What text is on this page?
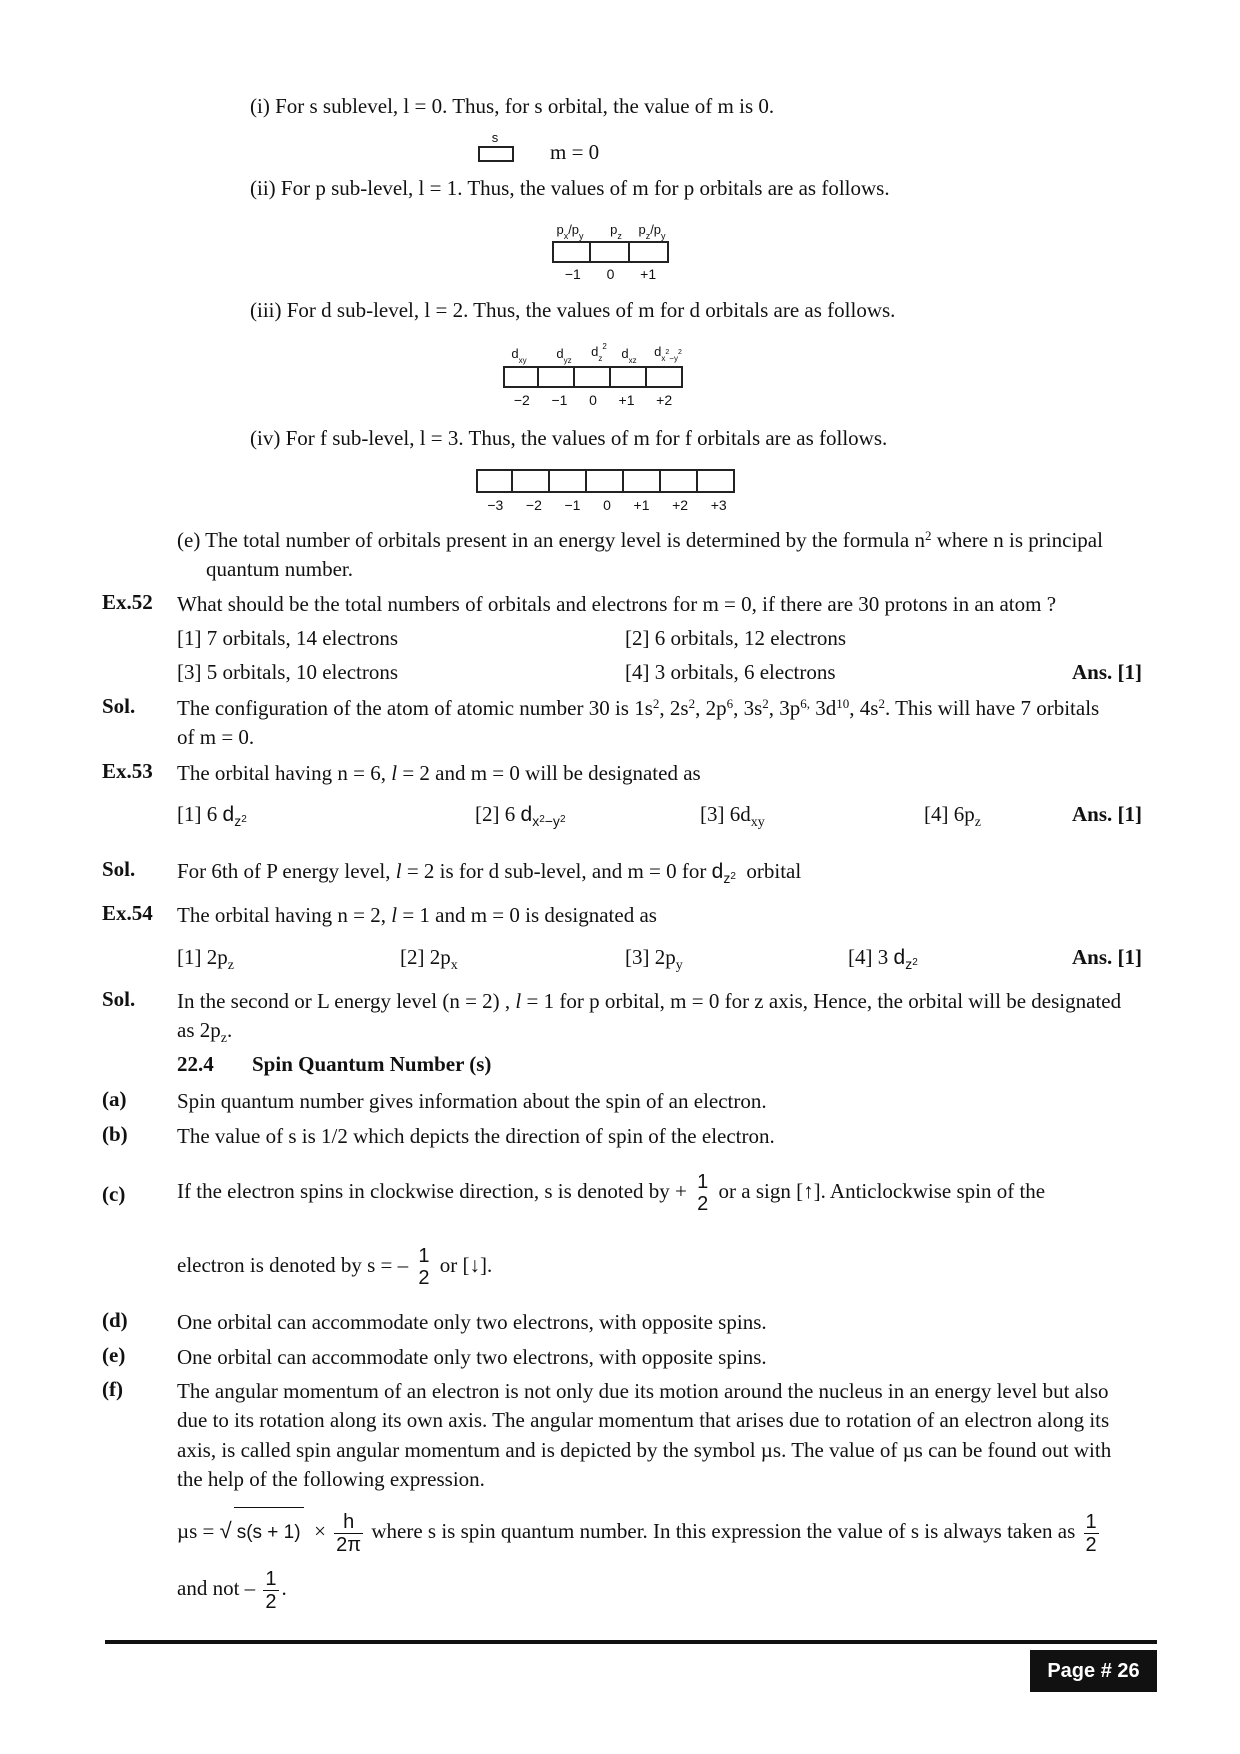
(i) For s sublevel, l = 0. Thus, for s orbital, the value of m is 0.
s
m = 0
(ii) For p sub-level, l = 1. Thus, the values of m for p orbitals are as follows.
$p_x/p_y$	$p_z$	$p_z/p_y$
−1 0 +1
(iii) For d sub-level, l = 2. Thus, the values of m for d orbitals are as follows.
$d_{xy}$	$d_{yz}$
$d_z^2$	$d_{xz}$
$d_{x^2-y^2}$
−2 −1 0 +1 +2
(iv) For f sub-level, l = 3. Thus, the values of m for f orbitals are as follows.
−3 −2 −1 0 +1 +2 +3
(e) The total number of orbitals present in an energy level is determined by the formula $n^2$ where n is principal
quantum number.
Ex.52 What should be the total numbers of orbitals and electrons for m = 0, if there are 30 protons in an atom ?
[1] 7 orbitals, 14 electrons	[2] 6 orbitals, 12 electrons
[3] 5 orbitals, 10 electrons	[4] 3 orbitals, 6 electrons	Ans. [1]
Sol. The configuration of the atom of atomic number 30 is $1s^2$, $2s^2$, $2p^6$, $3s^2$, $3p^{6,}$ $3d^{10}$, $4s^2$. This will have 7 orbitals
of m = 0.
Ex.53 The orbital having n = 6, l = 2 and m = 0 will be designated as
[1] 6 $d_{z^2}$	[2] 6 $d_{x^2-y^2}$	[3] $6d_{xy}$	[4] $6p_z$	Ans. [1]
Sol. For 6th of P energy level, l = 2 is for d sub-level, and m = 0 for $d_{z^2}$  orbital
Ex.54 The orbital having n = 2, l = 1 and m = 0 is designated as
[1] $2p_z$	[2] $2p_x$	[3] $2p_y$	[4] 3 $d_{z^2}$	Ans. [1]
Sol. In the second or L energy level (n = 2) , l = 1 for p orbital, m = 0 for z axis, Hence, the orbital will be designated
as $2p_z$.
22.4 Spin Quantum Number (s)
(a) Spin quantum number gives information about the spin of an electron.
(b) The value of s is 1/2 which depicts the direction of spin of the electron.
(c) If the electron spins in clockwise direction, s is denoted by + 1
2
or a sign [↑]. Anticlockwise spin of the
electron is denoted by s = – 1
2
or [↓].
(d) One orbital can accommodate only two electrons, with opposite spins.
(e) One orbital can accommodate only two electrons, with opposite spins.
(f)	The angular momentum of an electron is not only due its motion around the nucleus in an energy level but also
due to its rotation along its own axis. The angular momentum that arises due to rotation of an electron along its
axis, is called spin angular momentum and is depicted by the symbol µs. The value of µs can be found out with
the help of the following expression.
µs = √ $s(s + 1) \times \frac{h}{2\pi}$ where s is spin quantum number. In this expression the value of s is always taken as $\frac{1}{2}$
and not – $\frac{1}{2}$ .
Page # 26
